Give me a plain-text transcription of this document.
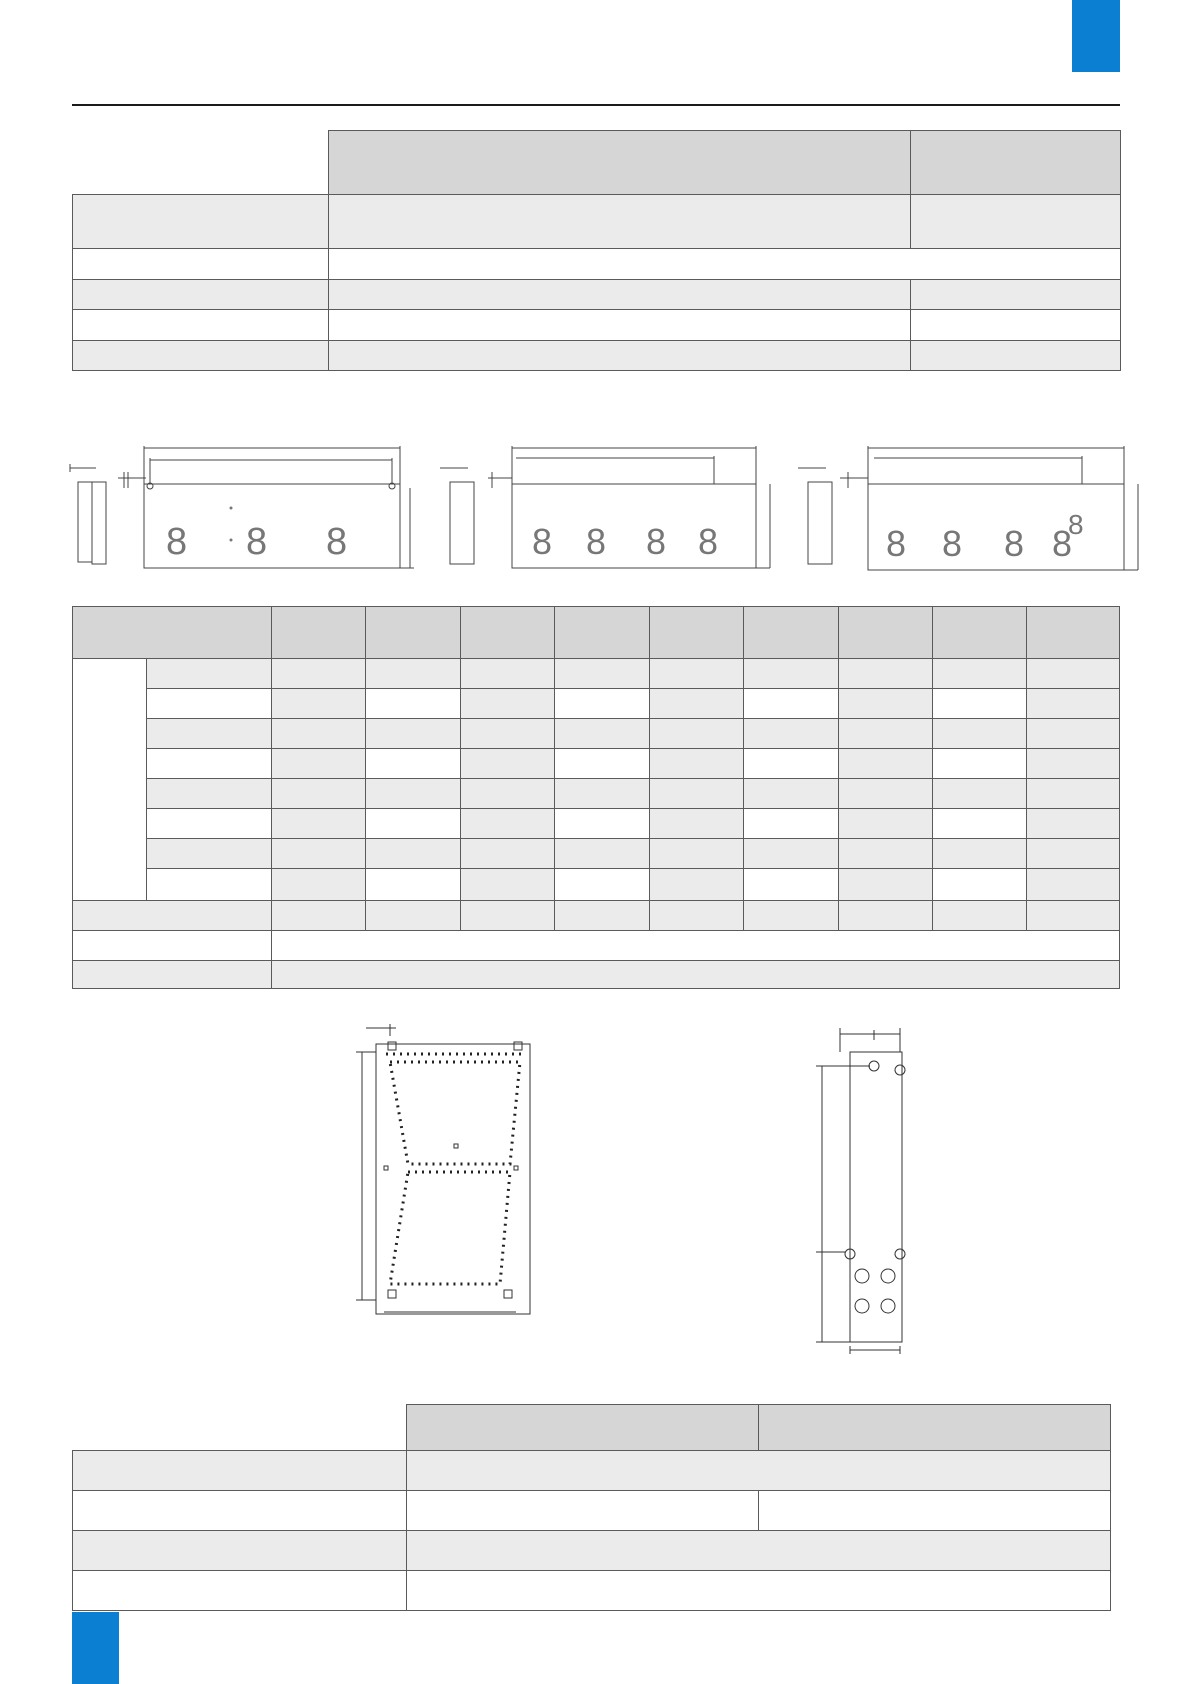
8 8 8	8 8 8 8	8 8 8 8
8
